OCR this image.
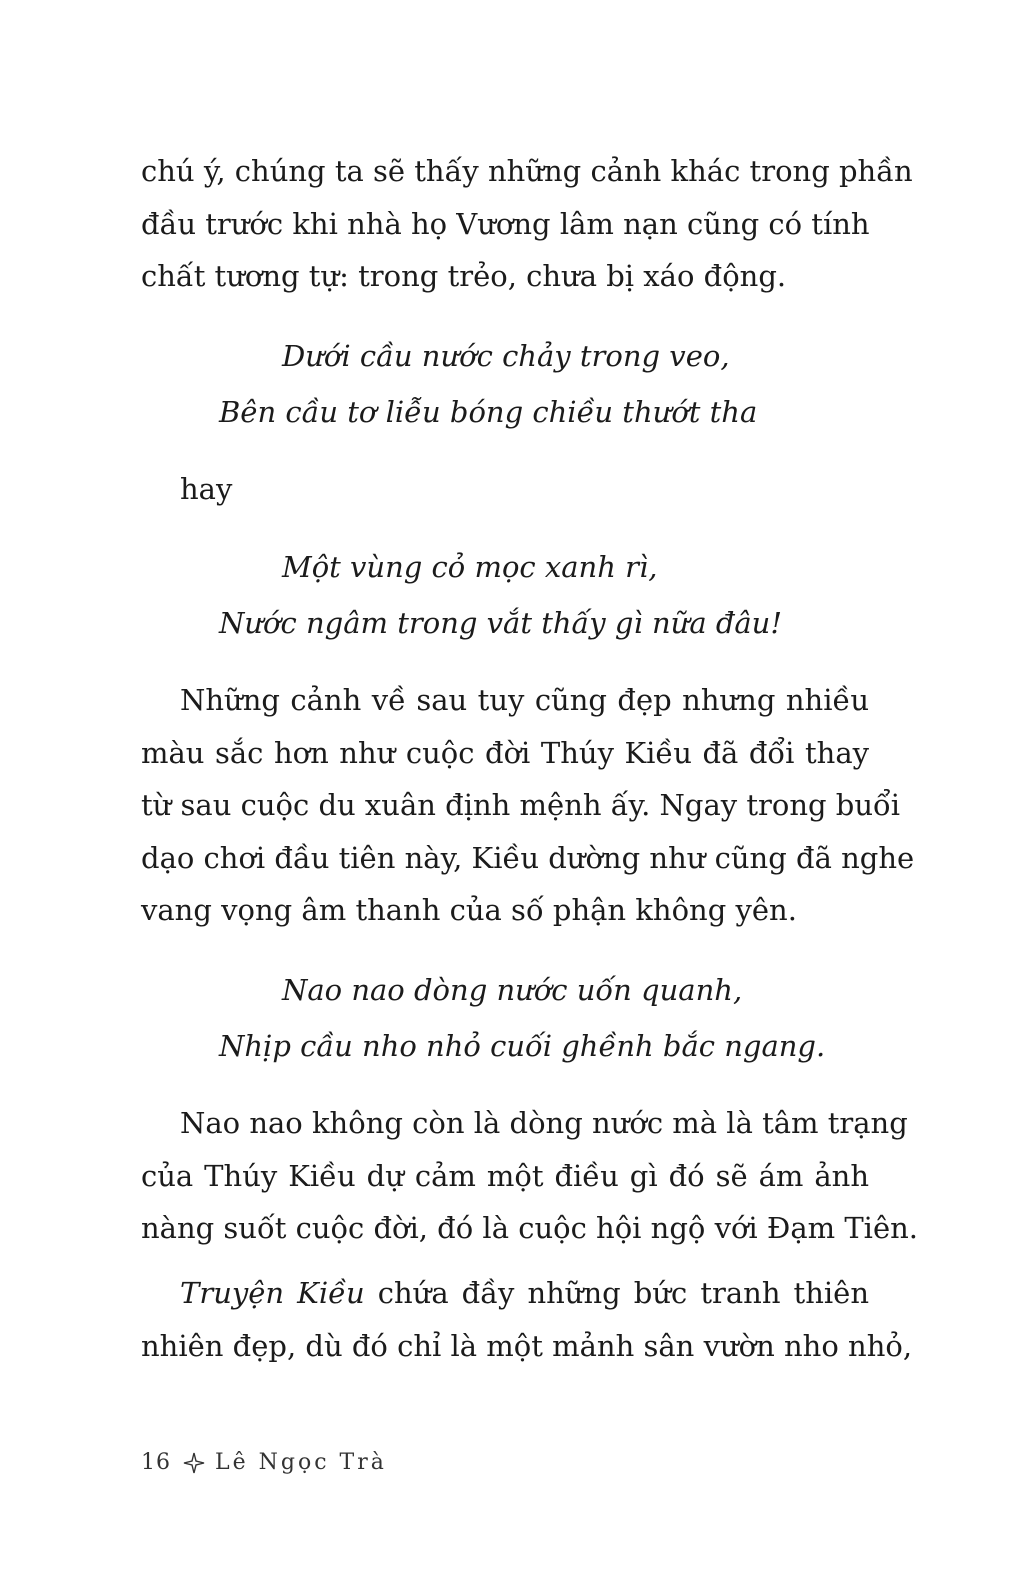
chú ý, chúng ta sẽ thấy những cảnh khác trong phần
đầu trước khi nhà họ Vương lâm nạn cũng có tính
chất tương tự: trong trẻo, chưa bị xáo động.

Dưới cầu nước chảy trong veo,
Bên cầu tơ liễu bóng chiều thướt tha
hay
Một vùng cỏ mọc xanh rì,
Nước ngâm trong vắt thấy gì nữa đâu!

Những cảnh về sau tuy cũng đẹp nhưng nhiều
màu sắc hơn như cuộc đời Thúy Kiều đã đổi thay
từ sau cuộc du xuân định mệnh ấy. Ngay trong buổi
dạo chơi đầu tiên này, Kiều dường như cũng đã nghe
vang vọng âm thanh của số phận không yên.

Nao nao dòng nước uốn quanh,
Nhịp cầu nho nhỏ cuối ghềnh bắc ngang.

Nao nao không còn là dòng nước mà là tâm trạng
của Thúy Kiều dự cảm một điều gì đó sẽ ám ảnh
nàng suốt cuộc đời, đó là cuộc hội ngộ với Đạm Tiên.

Truyện Kiều chứa đầy những bức tranh thiên
nhiên đẹp, dù đó chỉ là một mảnh sân vườn nho nhỏ,

16 Lê Ngọc Trà
